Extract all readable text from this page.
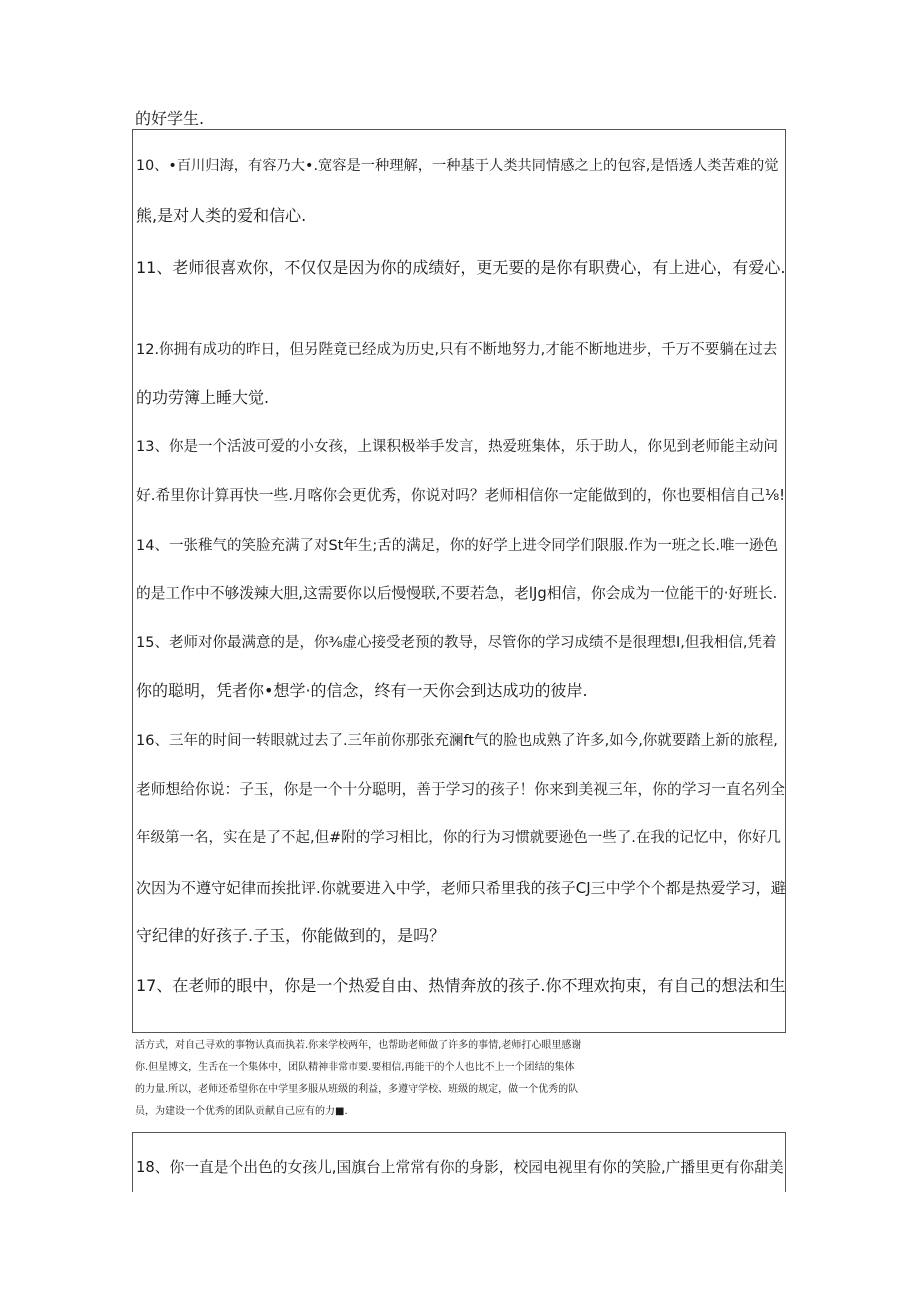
的好学生.

10、•百川归海，有容乃大•.宽容是一种理解，一种基于人类共同情感之上的包容,是悟透人类苦难的觉

熊,是对人类的爱和信心.

11、老师很喜欢你，不仅仅是因为你的成绩好，更无要的是你有职费心，有上进心，有爱心.

12.你拥有成功的昨日，但另陛竟已经成为历史,只有不断地努力,才能不断地进步，千万不要躺在过去

的功劳簿上睡大觉.

13、你是一个活波可爱的小女孩，上课积极举手发言，热爱班集体，乐于助人，你见到老师能主动问

好.希里你计算再快一些.月喀你会更优秀，你说对吗？老师相信你一定能做到的，你也要相信自己⅛!

14、一张稚气的笑脸充满了对St年生;舌的满足，你的好学上进令同学们限服.作为一班之长.唯一逊色

的是工作中不够泼辣大胆,这需要你以后慢慢联,不要若急，老lJg相信，你会成为一位能干的·好班长.

15、老师对你最满意的是，你⅜虚心接受老预的教导，尽管你的学习成绩不是很理想I,但我相信,凭着

你的聪明，凭者你•想学·的信念，终有一天你会到达成功的彼岸.

16、三年的时间一转眼就过去了.三年前你那张充澜ft气的脸也成熟了许多,如今,你就要踏上新的旅程,

老师想给你说：子玉，你是一个十分聪明，善于学习的孩子！你来到美视三年，你的学习一直名列全

年级第一名，实在是了不起,但#附的学习相比，你的行为习惯就要逊色一些了.在我的记忆中，你好几

次因为不遵守妃律而挨批评.你就要进入中学，老师只希里我的孩子CJ三中学个个都是热爱学习，避

守纪律的好孩子.子玉，你能做到的，是吗？

17、在老师的眼中，你是一个热爱自由、热情奔放的孩子.你不理欢拘束，有自己的想法和生

活方式，对自己寻欢的事物认真而执若.你来学校两年，也帮助老师做了许多的事情,老师打心眼里感谢

你.但星博文，生舌在一个集体中，团队精神非常市要.要相信,再能干的个人也比不上一个团结的集体

的力量.所以，老师还希望你在中学里多服从班级的利益，多遵守学校、班级的规定，做一个优秀的队

员，为建设一个优秀的团队贡献自己应有的力■.

18、你一直是个出色的女孩儿,国旗台上常常有你的身影，校园电视里有你的笑脸,广播里更有你甜美
